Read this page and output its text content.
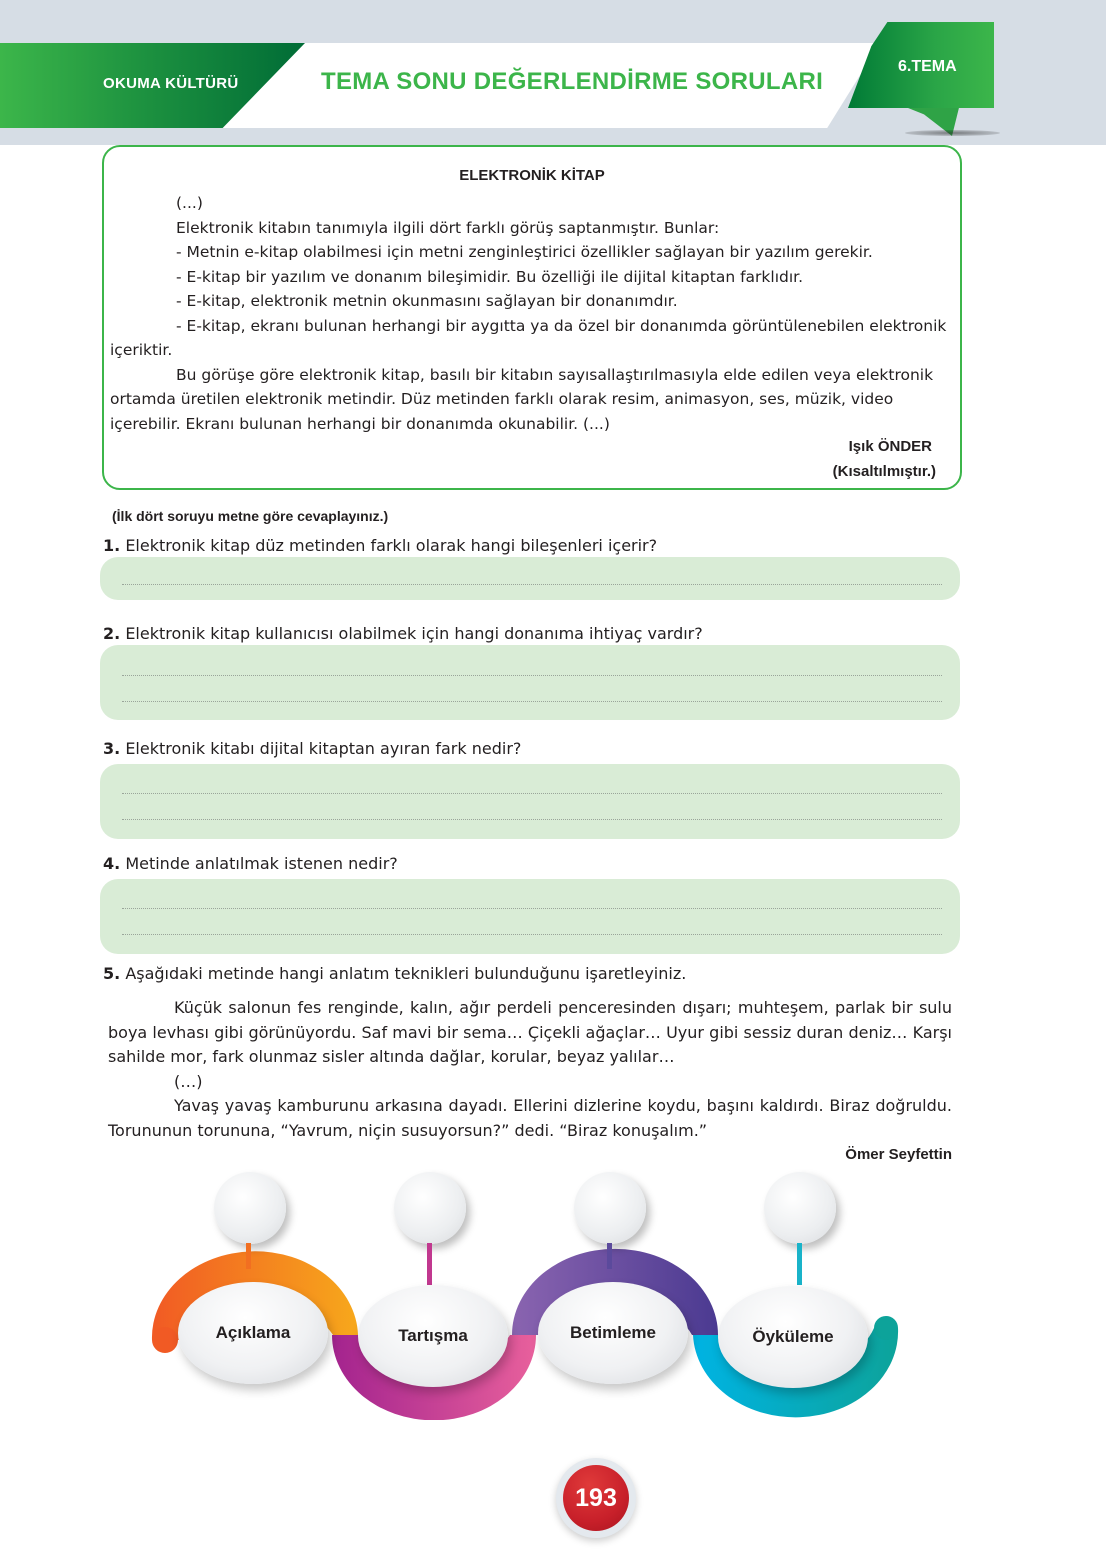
OKUMA KÜLTÜRÜ	TEMA SONU DEĞERLENDİRME SORULARI
6.TEMA
ELEKTRONİK KİTAP

(...)

Elektronik kitabın tanımıyla ilgili dört farklı görüş saptanmıştır. Bunlar:

- Metnin e-kitap olabilmesi için metni zenginleştirici özellikler sağlayan bir yazılım gerekir.

- E-kitap bir yazılım ve donanım bileşimidir. Bu özelliği ile dijital kitaptan farklıdır.

- E-kitap, elektronik metnin okunmasını sağlayan bir donanımdır.

- E-kitap, ekranı bulunan herhangi bir aygıtta ya da özel bir donanımda görüntülenebilen elektronik içeriktir.

Bu görüşe göre elektronik kitap, basılı bir kitabın sayısallaştırılmasıyla elde edilen veya elektronik ortamda üretilen elektronik metindir. Düz metinden farklı olarak resim, animasyon, ses, müzik, video içerebilir. Ekranı bulunan herhangi bir donanımda okunabilir. (...)

Işık ÖNDER
(Kısaltılmıştır.)
(İlk dört soruyu metne göre cevaplayınız.)
1. Elektronik kitap düz metinden farklı olarak hangi bileşenleri içerir?
2. Elektronik kitap kullanıcısı olabilmek için hangi donanıma ihtiyaç vardır?
3. Elektronik kitabı dijital kitaptan ayıran fark nedir?
4. Metinde anlatılmak istenen nedir?
5. Aşağıdaki metinde hangi anlatım teknikleri bulunduğunu işaretleyiniz.

Küçük salonun fes renginde, kalın, ağır perdeli penceresinden dışarı; muhteşem, parlak bir sulu boya levhası gibi görünüyordu. Saf mavi bir sema… Çiçekli ağaçlar… Uyur gibi sessiz duran deniz… Karşı sahilde mor, fark olunmaz sisler altında dağlar, korular, beyaz yalılar…

(…)

Yavaş yavaş kamburunu arkasına dayadı. Ellerini dizlerine koydu, başını kaldırdı. Biraz doğruldu. Torununun torununa, “Yavrum, niçin susuyorsun?” dedi. “Biraz konuşalım.”

Ömer Seyfettin
Açıklama	Tartışma	Betimleme	Öyküleme
193
